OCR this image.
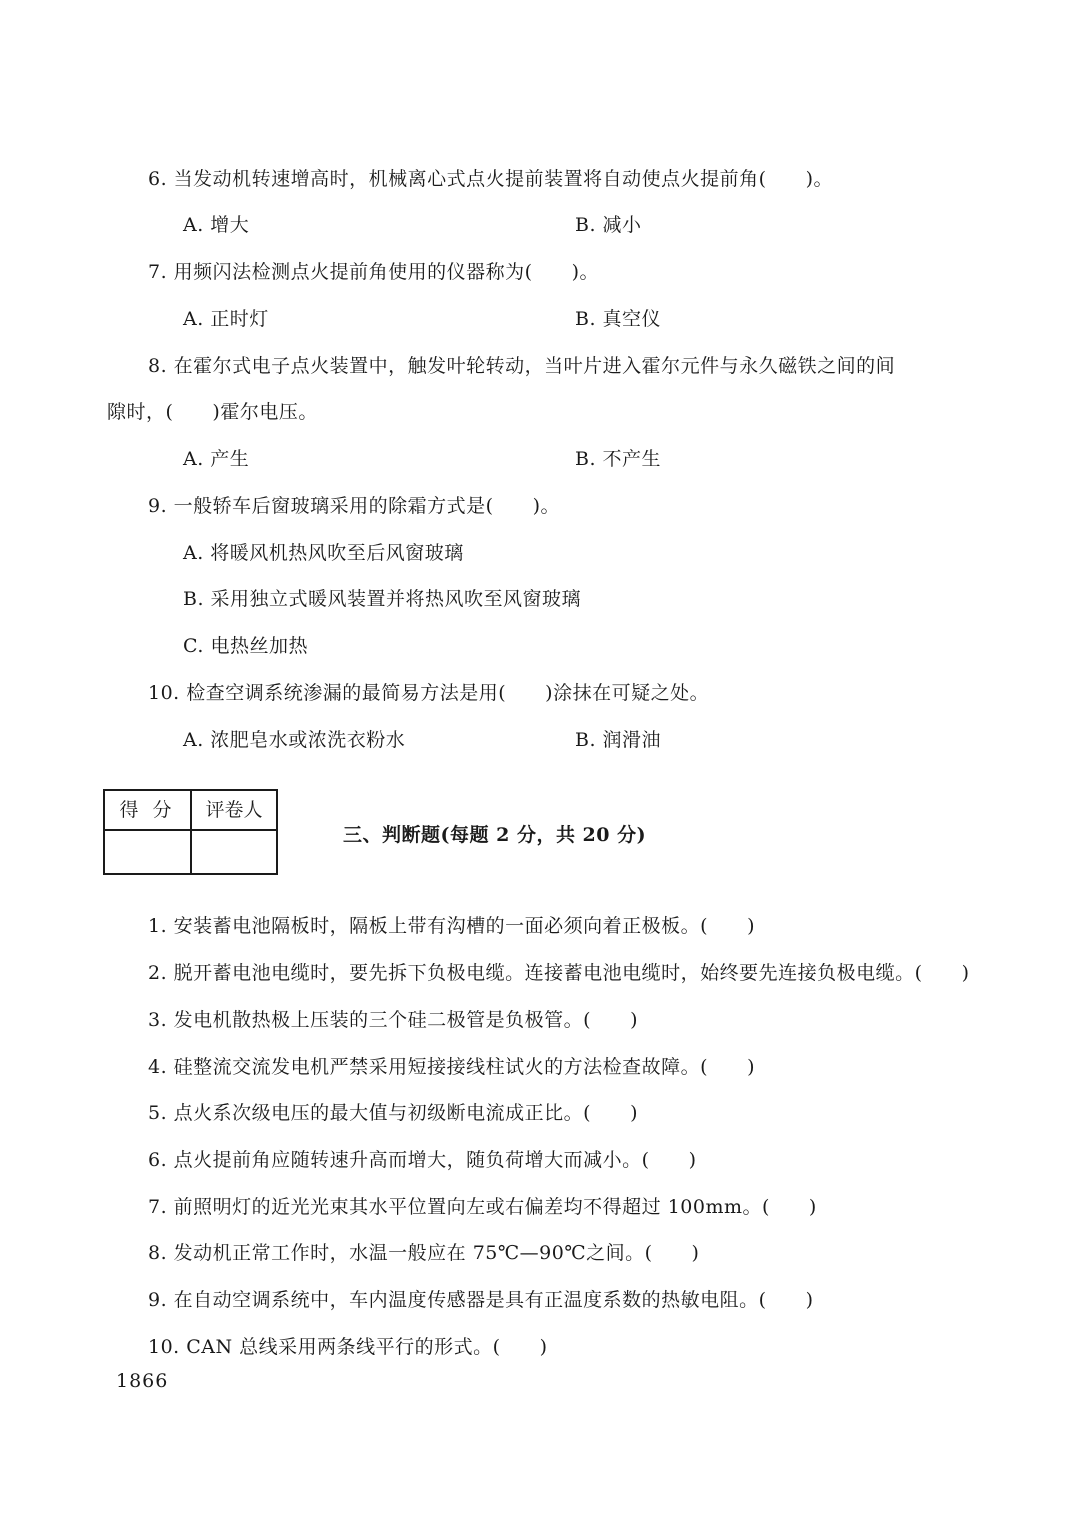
6. 当发动机转速增高时，机械离心式点火提前装置将自动使点火提前角(　　)。
A. 增大	B. 减小
7. 用频闪法检测点火提前角使用的仪器称为(　　)。
A. 正时灯	B. 真空仪
8. 在霍尔式电子点火装置中，触发叶轮转动，当叶片进入霍尔元件与永久磁铁之间的间
隙时，(　　)霍尔电压。
A. 产生	B. 不产生
9. 一般轿车后窗玻璃采用的除霜方式是(　　)。
A. 将暖风机热风吹至后风窗玻璃
B. 采用独立式暖风装置并将热风吹至风窗玻璃
C. 电热丝加热
10. 检查空调系统渗漏的最简易方法是用(　　)涂抹在可疑之处。
A. 浓肥皂水或浓洗衣粉水	B. 润滑油
得分	评卷人
三、判断题(每题 2 分，共 20 分)
1. 安装蓄电池隔板时，隔板上带有沟槽的一面必须向着正极板。(　　)
2. 脱开蓄电池电缆时，要先拆下负极电缆。连接蓄电池电缆时，始终要先连接负极电缆。(　　)
3. 发电机散热极上压装的三个硅二极管是负极管。(　　)
4. 硅整流交流发电机严禁采用短接接线柱试火的方法检查故障。(　　)
5. 点火系次级电压的最大值与初级断电流成正比。(　　)
6. 点火提前角应随转速升高而增大，随负荷增大而减小。(　　)
7. 前照明灯的近光光束其水平位置向左或右偏差均不得超过 100mm。(　　)
8. 发动机正常工作时，水温一般应在 75℃—90℃之间。(　　)
9. 在自动空调系统中，车内温度传感器是具有正温度系数的热敏电阻。(　　)
10. CAN 总线采用两条线平行的形式。(　　)
1866
